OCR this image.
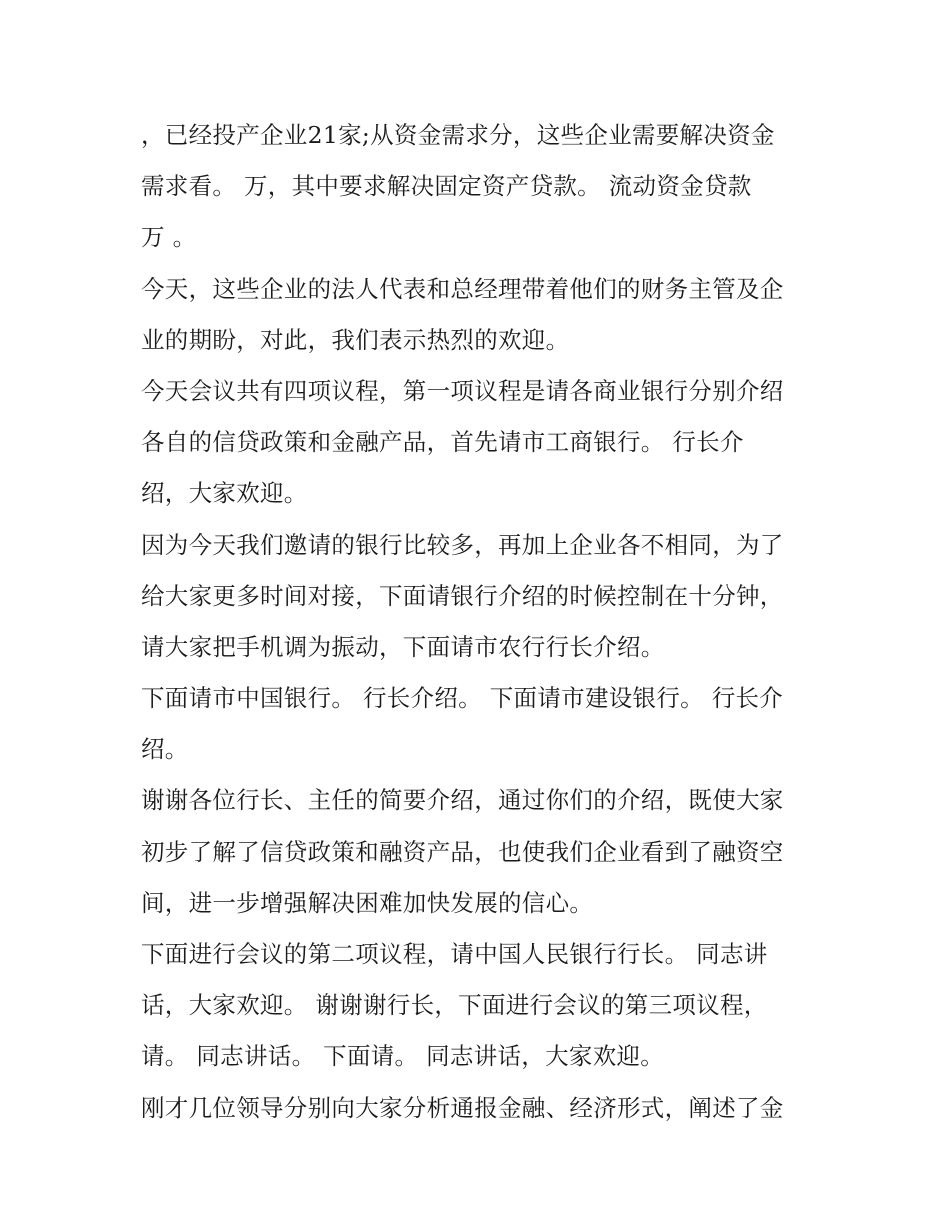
，已经投产企业21家;从资金需求分，这些企业需要解决资金
需求看。 万，其中要求解决固定资产贷款。 流动资金贷款
万 。
今天，这些企业的法人代表和总经理带着他们的财务主管及企
业的期盼，对此，我们表示热烈的欢迎。
今天会议共有四项议程，第一项议程是请各商业银行分别介绍
各自的信贷政策和金融产品，首先请市工商银行。 行长介
绍，大家欢迎。
因为今天我们邀请的银行比较多，再加上企业各不相同，为了
给大家更多时间对接，下面请银行介绍的时候控制在十分钟，
请大家把手机调为振动，下面请市农行行长介绍。
下面请市中国银行。 行长介绍。 下面请市建设银行。 行长介
绍。
谢谢各位行长、主任的简要介绍，通过你们的介绍，既使大家
初步了解了信贷政策和融资产品，也使我们企业看到了融资空
间，进一步增强解决困难加快发展的信心。
下面进行会议的第二项议程，请中国人民银行行长。 同志讲
话，大家欢迎。 谢谢谢行长，下面进行会议的第三项议程，
请。 同志讲话。 下面请。 同志讲话，大家欢迎。
刚才几位领导分别向大家分析通报金融、经济形式，阐述了金
